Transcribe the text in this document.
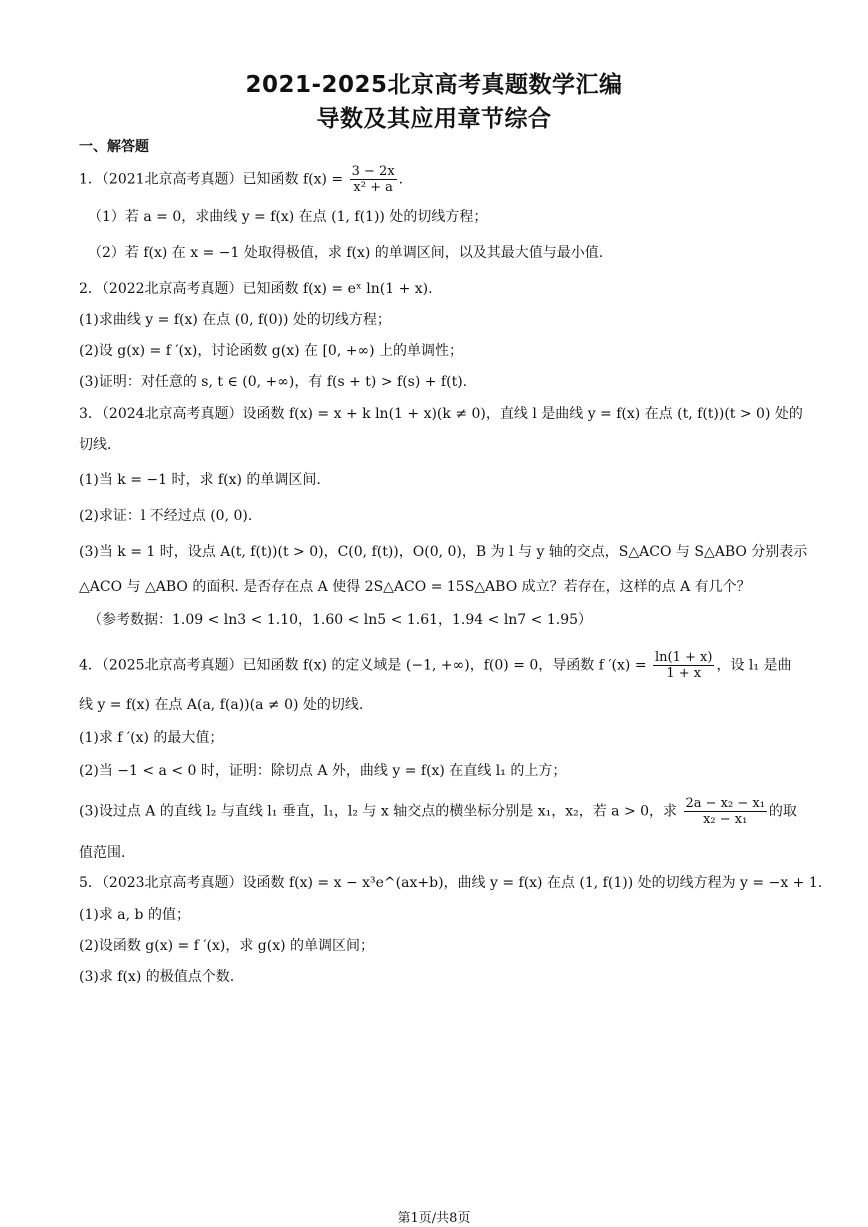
2021-2025北京高考真题数学汇编
导数及其应用章节综合
一、解答题
1．（2021北京高考真题）已知函数 $f(x) = \frac{3 - 2x}{\text{x² + a}}$ .
（1）若 a = 0，求曲线 y = f(x) 在点 (1, f(1)) 处的切线方程；
（2）若 f(x) 在 x = −1 处取得极值，求 f(x) 的单调区间，以及其最大值与最小值.
2．（2022北京高考真题）已知函数 f(x) = eˣ ln(1 + x).
(1)求曲线 y = f(x) 在点 (0, f(0)) 处的切线方程；
(2)设 g(x) = f ′(x)，讨论函数 g(x) 在 [0, +∞) 上的单调性；
(3)证明：对任意的 s, t ∈ (0, +∞)，有 f(s + t) > f(s) + f(t).
3．（2024北京高考真题）设函数 f(x) = x + k ln(1 + x)(k ≠ 0)，直线 l 是曲线 y = f(x) 在点 (t, f(t))(t > 0) 处的
切线.
(1)当 k = −1 时，求 f(x) 的单调区间.
(2)求证：l 不经过点 (0, 0).
(3)当 k = 1 时，设点 A(t, f(t))(t > 0)，C(0, f(t))，O(0, 0)，B 为 l 与 y 轴的交点，S△ACO 与 S△ABO 分别表示
△ACO 与 △ABO 的面积. 是否存在点 A 使得 2S△ACO = 15S△ABO 成立？若存在，这样的点 A 有几个？
（参考数据：1.09 < ln3 < 1.10，1.60 < ln5 < 1.61，1.94 < ln7 < 1.95）
4．（2025北京高考真题）已知函数 f(x) 的定义域是 (−1, +∞)，f(0) = 0，导函数 f $'(x) = \frac{\ln(1 + x)}{1 + x}$ ，设 l₁ 是曲
线 y = f(x) 在点 A(a, f(a))(a ≠ 0) 处的切线.
(1)求 f ′(x) 的最大值；
(2)当 −1 < a < 0 时，证明：除切点 A 外，曲线 y = f(x) 在直线 l₁ 的上方；
(3)设过点 A 的直线 l₂ 与直线 l₁ 垂直，l₁，l₂ 与 x 轴交点的横坐标分别是 x₁，x₂，若 a > 0，求 $\frac{\text{2a − x₂ − x₁}}{\text{x₂ − x₁}}$ 的取
值范围.
5．（2023北京高考真题）设函数 f(x) = x − x³e^(ax+b)，曲线 y = f(x) 在点 (1, f(1)) 处的切线方程为 y = −x + 1.
(1)求 a, b 的值；
(2)设函数 g(x) = f ′(x)，求 g(x) 的单调区间；
(3)求 f(x) 的极值点个数.
第1页/共8页
